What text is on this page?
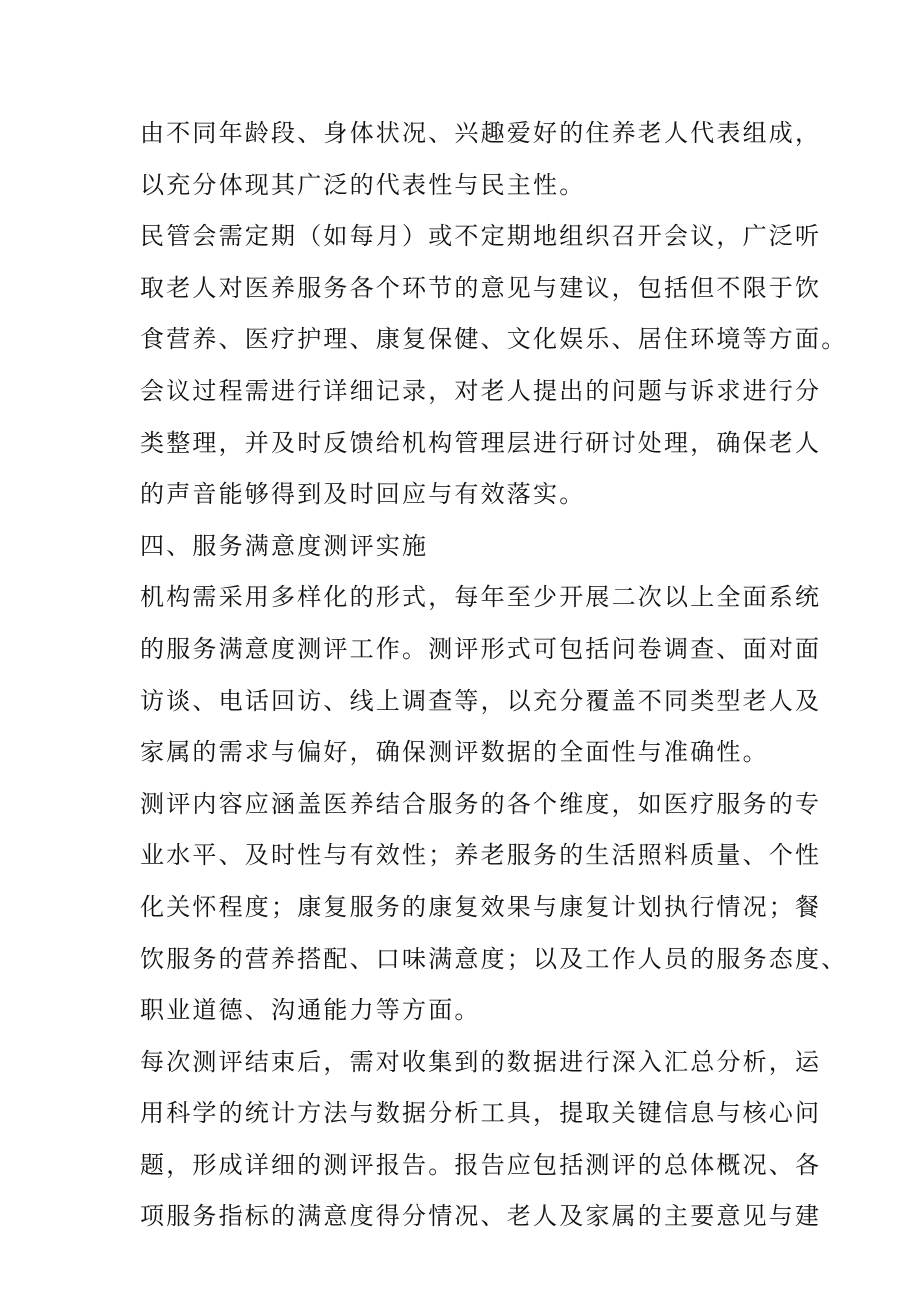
由不同年龄段、身体状况、兴趣爱好的住养老人代表组成，
以充分体现其广泛的代表性与民主性。
民管会需定期（如每月）或不定期地组织召开会议，广泛听
取老人对医养服务各个环节的意见与建议，包括但不限于饮
食营养、医疗护理、康复保健、文化娱乐、居住环境等方面。
会议过程需进行详细记录，对老人提出的问题与诉求进行分
类整理，并及时反馈给机构管理层进行研讨处理，确保老人
的声音能够得到及时回应与有效落实。
四、服务满意度测评实施
机构需采用多样化的形式，每年至少开展二次以上全面系统
的服务满意度测评工作。测评形式可包括问卷调查、面对面
访谈、电话回访、线上调查等，以充分覆盖不同类型老人及
家属的需求与偏好，确保测评数据的全面性与准确性。
测评内容应涵盖医养结合服务的各个维度，如医疗服务的专
业水平、及时性与有效性；养老服务的生活照料质量、个性
化关怀程度；康复服务的康复效果与康复计划执行情况；餐
饮服务的营养搭配、口味满意度；以及工作人员的服务态度、
职业道德、沟通能力等方面。
每次测评结束后，需对收集到的数据进行深入汇总分析，运
用科学的统计方法与数据分析工具，提取关键信息与核心问
题，形成详细的测评报告。报告应包括测评的总体概况、各
项服务指标的满意度得分情况、老人及家属的主要意见与建
